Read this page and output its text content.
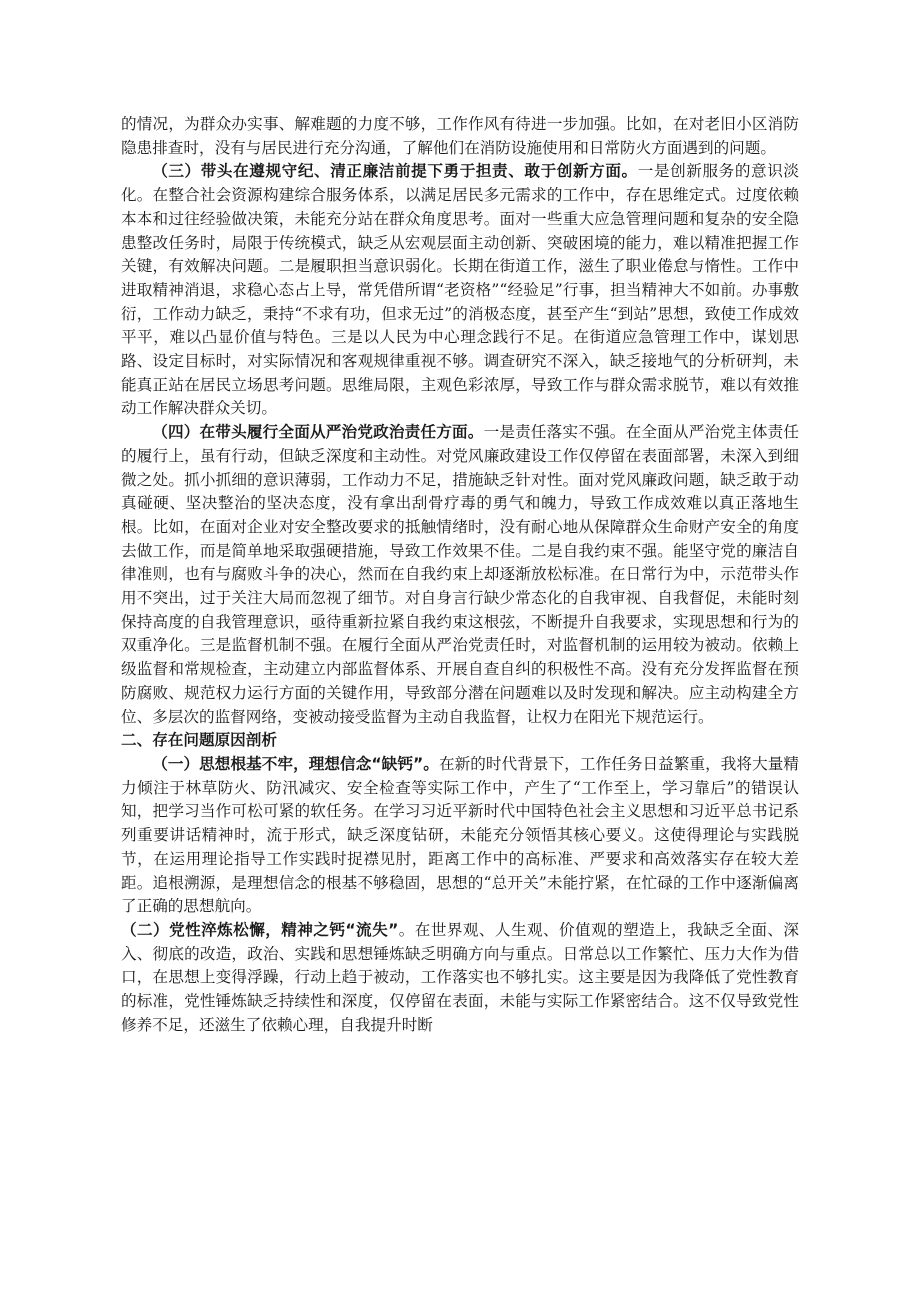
的情况，为群众办实事、解难题的力度不够，工作作风有待进一步加强。比如，在对老旧小区消防隐患排查时，没有与居民进行充分沟通，了解他们在消防设施使用和日常防火方面遇到的问题。

（三）带头在遵规守纪、清正廉洁前提下勇于担责、敢于创新方面。一是创新服务的意识淡化。在整合社会资源构建综合服务体系，以满足居民多元需求的工作中，存在思维定式。过度依赖本本和过往经验做决策，未能充分站在群众角度思考。面对一些重大应急管理问题和复杂的安全隐患整改任务时，局限于传统模式，缺乏从宏观层面主动创新、突破困境的能力，难以精准把握工作关键，有效解决问题。二是履职担当意识弱化。长期在街道工作，滋生了职业倦怠与惰性。工作中进取精神消退，求稳心态占上导，常凭借所谓“老资格”“经验足”行事，担当精神大不如前。办事敷衍，工作动力缺乏，秉持“不求有功，但求无过”的消极态度，甚至产生“到站”思想，致使工作成效平平，难以凸显价值与特色。三是以人民为中心理念践行不足。在街道应急管理工作中，谋划思路、设定目标时，对实际情况和客观规律重视不够。调查研究不深入，缺乏接地气的分析研判，未能真正站在居民立场思考问题。思维局限，主观色彩浓厚，导致工作与群众需求脱节，难以有效推动工作解决群众关切。

（四）在带头履行全面从严治党政治责任方面。一是责任落实不强。在全面从严治党主体责任的履行上，虽有行动，但缺乏深度和主动性。对党风廉政建设工作仅停留在表面部署，未深入到细微之处。抓小抓细的意识薄弱，工作动力不足，措施缺乏针对性。面对党风廉政问题，缺乏敢于动真碰硬、坚决整治的坚决态度，没有拿出刮骨疗毒的勇气和魄力，导致工作成效难以真正落地生根。比如，在面对企业对安全整改要求的抵触情绪时，没有耐心地从保障群众生命财产安全的角度去做工作，而是简单地采取强硬措施，导致工作效果不佳。二是自我约束不强。能坚守党的廉洁自律准则，也有与腐败斗争的决心，然而在自我约束上却逐渐放松标准。在日常行为中，示范带头作用不突出，过于关注大局而忽视了细节。对自身言行缺少常态化的自我审视、自我督促，未能时刻保持高度的自我管理意识，亟待重新拉紧自我约束这根弦，不断提升自我要求，实现思想和行为的双重净化。三是监督机制不强。在履行全面从严治党责任时，对监督机制的运用较为被动。依赖上级监督和常规检查，主动建立内部监督体系、开展自查自纠的积极性不高。没有充分发挥监督在预防腐败、规范权力运行方面的关键作用，导致部分潜在问题难以及时发现和解决。应主动构建全方位、多层次的监督网络，变被动接受监督为主动自我监督，让权力在阳光下规范运行。

二、存在问题原因剖析

（一）思想根基不牢，理想信念“缺钙”。在新的时代背景下，工作任务日益繁重，我将大量精力倾注于林草防火、防汛减灾、安全检查等实际工作中，产生了“工作至上，学习靠后”的错误认知，把学习当作可松可紧的软任务。在学习习近平新时代中国特色社会主义思想和习近平总书记系列重要讲话精神时，流于形式，缺乏深度钻研，未能充分领悟其核心要义。这使得理论与实践脱节，在运用理论指导工作实践时捉襟见肘，距离工作中的高标准、严要求和高效落实存在较大差距。追根溯源，是理想信念的根基不够稳固，思想的“总开关”未能拧紧，在忙碌的工作中逐渐偏离了正确的思想航向。

（二）党性淬炼松懈，精神之钙“流失”。在世界观、人生观、价值观的塑造上，我缺乏全面、深入、彻底的改造，政治、实践和思想锤炼缺乏明确方向与重点。日常总以工作繁忙、压力大作为借口，在思想上变得浮躁，行动上趋于被动，工作落实也不够扎实。这主要是因为我降低了党性教育的标准，党性锤炼缺乏持续性和深度，仅停留在表面，未能与实际工作紧密结合。这不仅导致党性修养不足，还滋生了依赖心理，自我提升时断
